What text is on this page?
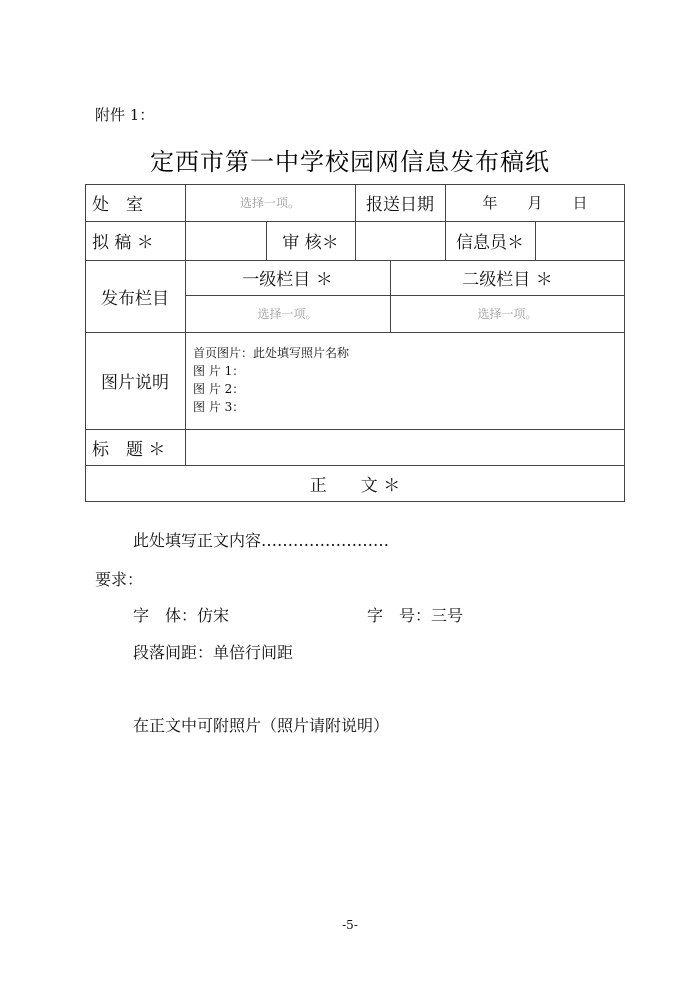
附件 1：
定西市第一中学校园网信息发布稿纸
处　室	选择一项。	报送日期	年　　月　　日
拟 稿 ＊	审 核＊	信息员＊
发布栏目
一级栏目 ＊	二级栏目 ＊
选择一项。	选择一项。
图片说明
首页图片：此处填写照片名称
图 片 1：
图 片 2：
图 片 3：
标　题 ＊
正　　文 ＊
此处填写正文内容……………………
要求：
字　体：仿宋	字　号：三号
段落间距：单倍行间距
在正文中可附照片（照片请附说明）
-5-
